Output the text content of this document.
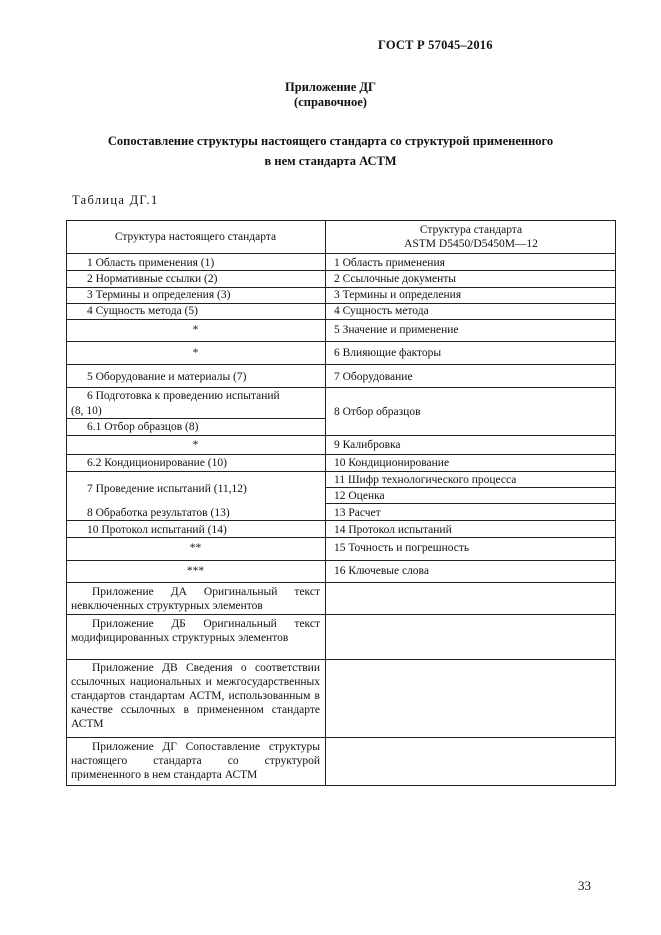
ГОСТ Р 57045–2016
Приложение ДГ
(справочное)
Сопоставление структуры настоящего стандарта со структурой примененного
в нем стандарта АСТМ
Таблица ДГ.1
Структура настоящего стандарта
Структура стандарта
ASTM D5450/D5450M—12
1 Область применения (1)
2 Нормативные ссылки (2)
3 Термины и определения (3)
4 Сущность метода (5)
*
*
5 Оборудование и материалы (7)
6 Подготовка к проведению испытаний
(8, 10)
6.1 Отбор образцов (8)
*
6.2 Кондиционирование (10)
7 Проведение испытаний (11,12)
8 Обработка результатов (13)
10 Протокол испытаний (14)
**
***
Приложение ДА Оригинальный текст невключенных структурных элементов
Приложение ДБ Оригинальный текст модифицированных структурных элементов
Приложение ДВ Сведения о соответствии ссылочных национальных и межгосударственных стандартов стандартам АСТМ, использованным в качестве ссылочных в примененном стандарте АСТМ
Приложение ДГ Сопоставление структуры настоящего стандарта со структурой примененного в нем стандарта АСТМ
1 Область применения
2 Ссылочные документы
3 Термины и определения
4 Сущность метода
5 Значение и применение
6 Влияющие факторы
7 Оборудование
8 Отбор образцов
9 Калибровка
10 Кондиционирование
11 Шифр технологического процесса
12 Оценка
13 Расчет
14 Протокол испытаний
15 Точность и погрешность
16 Ключевые слова
33
